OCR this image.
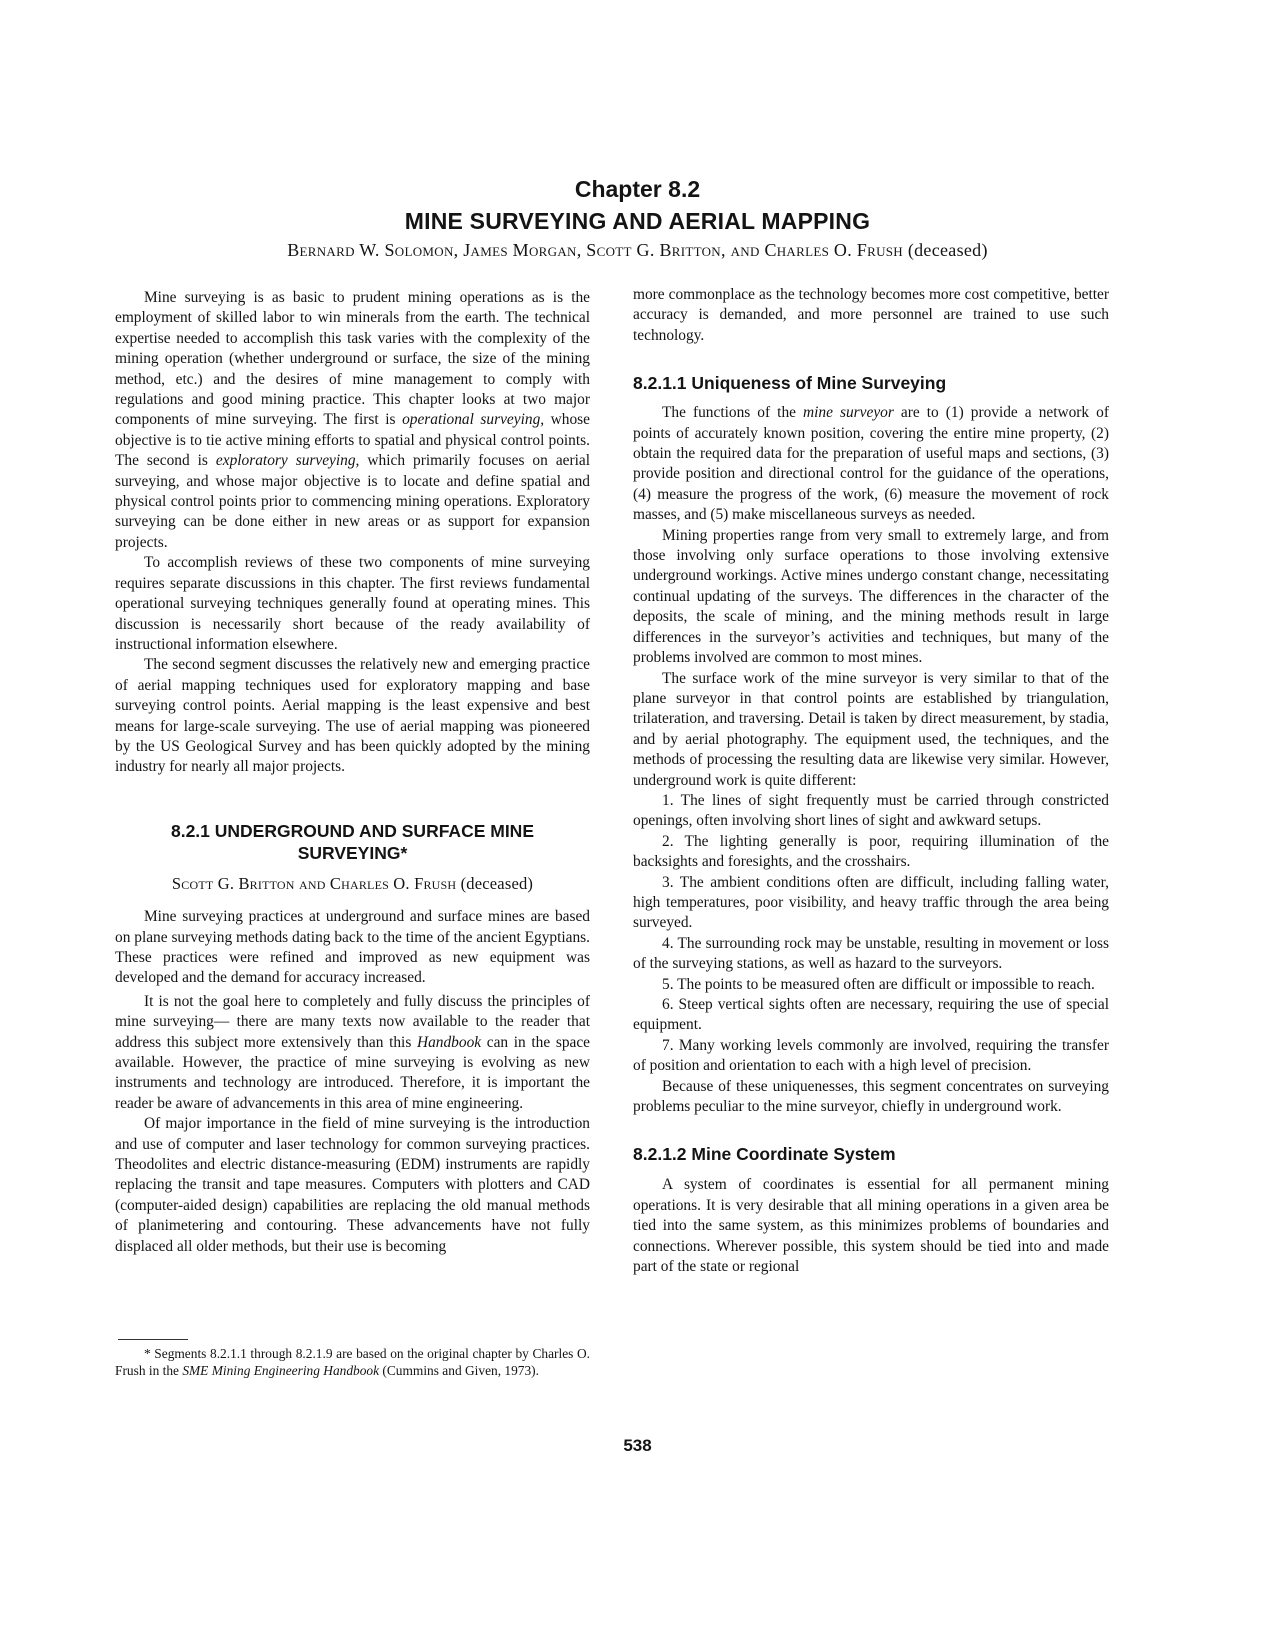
Chapter 8.2
MINE SURVEYING AND AERIAL MAPPING
Bernard W. Solomon, James Morgan, Scott G. Britton, and Charles O. Frush (deceased)

Mine surveying is as basic to prudent mining operations as is the employment of skilled labor to win minerals from the earth. The technical expertise needed to accomplish this task varies with the complexity of the mining operation (whether underground or surface, the size of the mining method, etc.) and the desires of mine management to comply with regulations and good mining practice. This chapter looks at two major components of mine surveying. The first is operational surveying, whose objective is to tie active mining efforts to spatial and physical control points. The second is exploratory surveying, which primarily focuses on aerial surveying, and whose major objective is to locate and define spatial and physical control points prior to commencing mining operations. Exploratory surveying can be done either in new areas or as support for expansion projects.

To accomplish reviews of these two components of mine surveying requires separate discussions in this chapter. The first reviews fundamental operational surveying techniques generally found at operating mines. This discussion is necessarily short because of the ready availability of instructional information elsewhere.

The second segment discusses the relatively new and emerging practice of aerial mapping techniques used for exploratory mapping and base surveying control points. Aerial mapping is the least expensive and best means for large-scale surveying. The use of aerial mapping was pioneered by the US Geological Survey and has been quickly adopted by the mining industry for nearly all major projects.

8.2.1 UNDERGROUND AND SURFACE MINE
SURVEYING*
Scott G. Britton and Charles O. Frush (deceased)

Mine surveying practices at underground and surface mines are based on plane surveying methods dating back to the time of the ancient Egyptians. These practices were refined and improved as new equipment was developed and the demand for accuracy increased.

It is not the goal here to completely and fully discuss the principles of mine surveying— there are many texts now available to the reader that address this subject more extensively than this Handbook can in the space available. However, the practice of mine surveying is evolving as new instruments and technology are introduced. Therefore, it is important the reader be aware of advancements in this area of mine engineering.

Of major importance in the field of mine surveying is the introduction and use of computer and laser technology for common surveying practices. Theodolites and electric distance-measuring (EDM) instruments are rapidly replacing the transit and tape measures. Computers with plotters and CAD (computer-aided design) capabilities are replacing the old manual methods of planimetering and contouring. These advancements have not fully displaced all older methods, but their use is becoming

* Segments 8.2.1.1 through 8.2.1.9 are based on the original chapter by Charles O. Frush in the SME Mining Engineering Handbook (Cummins and Given, 1973).

more commonplace as the technology becomes more cost competitive, better accuracy is demanded, and more personnel are trained to use such technology.

8.2.1.1 Uniqueness of Mine Surveying

The functions of the mine surveyor are to (1) provide a network of points of accurately known position, covering the entire mine property, (2) obtain the required data for the preparation of useful maps and sections, (3) provide position and directional control for the guidance of the operations, (4) measure the progress of the work, (6) measure the movement of rock masses, and (5) make miscellaneous surveys as needed.

Mining properties range from very small to extremely large, and from those involving only surface operations to those involving extensive underground workings. Active mines undergo constant change, necessitating continual updating of the surveys. The differences in the character of the deposits, the scale of mining, and the mining methods result in large differences in the surveyor’s activities and techniques, but many of the problems involved are common to most mines.

The surface work of the mine surveyor is very similar to that of the plane surveyor in that control points are established by triangulation, trilateration, and traversing. Detail is taken by direct measurement, by stadia, and by aerial photography. The equipment used, the techniques, and the methods of processing the resulting data are likewise very similar. However, underground work is quite different:

1. The lines of sight frequently must be carried through constricted openings, often involving short lines of sight and awkward setups.

2. The lighting generally is poor, requiring illumination of the backsights and foresights, and the crosshairs.

3. The ambient conditions often are difficult, including falling water, high temperatures, poor visibility, and heavy traffic through the area being surveyed.

4. The surrounding rock may be unstable, resulting in movement or loss of the surveying stations, as well as hazard to the surveyors.

5. The points to be measured often are difficult or impossible to reach.

6. Steep vertical sights often are necessary, requiring the use of special equipment.

7. Many working levels commonly are involved, requiring the transfer of position and orientation to each with a high level of precision.

Because of these uniquenesses, this segment concentrates on surveying problems peculiar to the mine surveyor, chiefly in underground work.

8.2.1.2 Mine Coordinate System

A system of coordinates is essential for all permanent mining operations. It is very desirable that all mining operations in a given area be tied into the same system, as this minimizes problems of boundaries and connections. Wherever possible, this system should be tied into and made part of the state or regional

538
